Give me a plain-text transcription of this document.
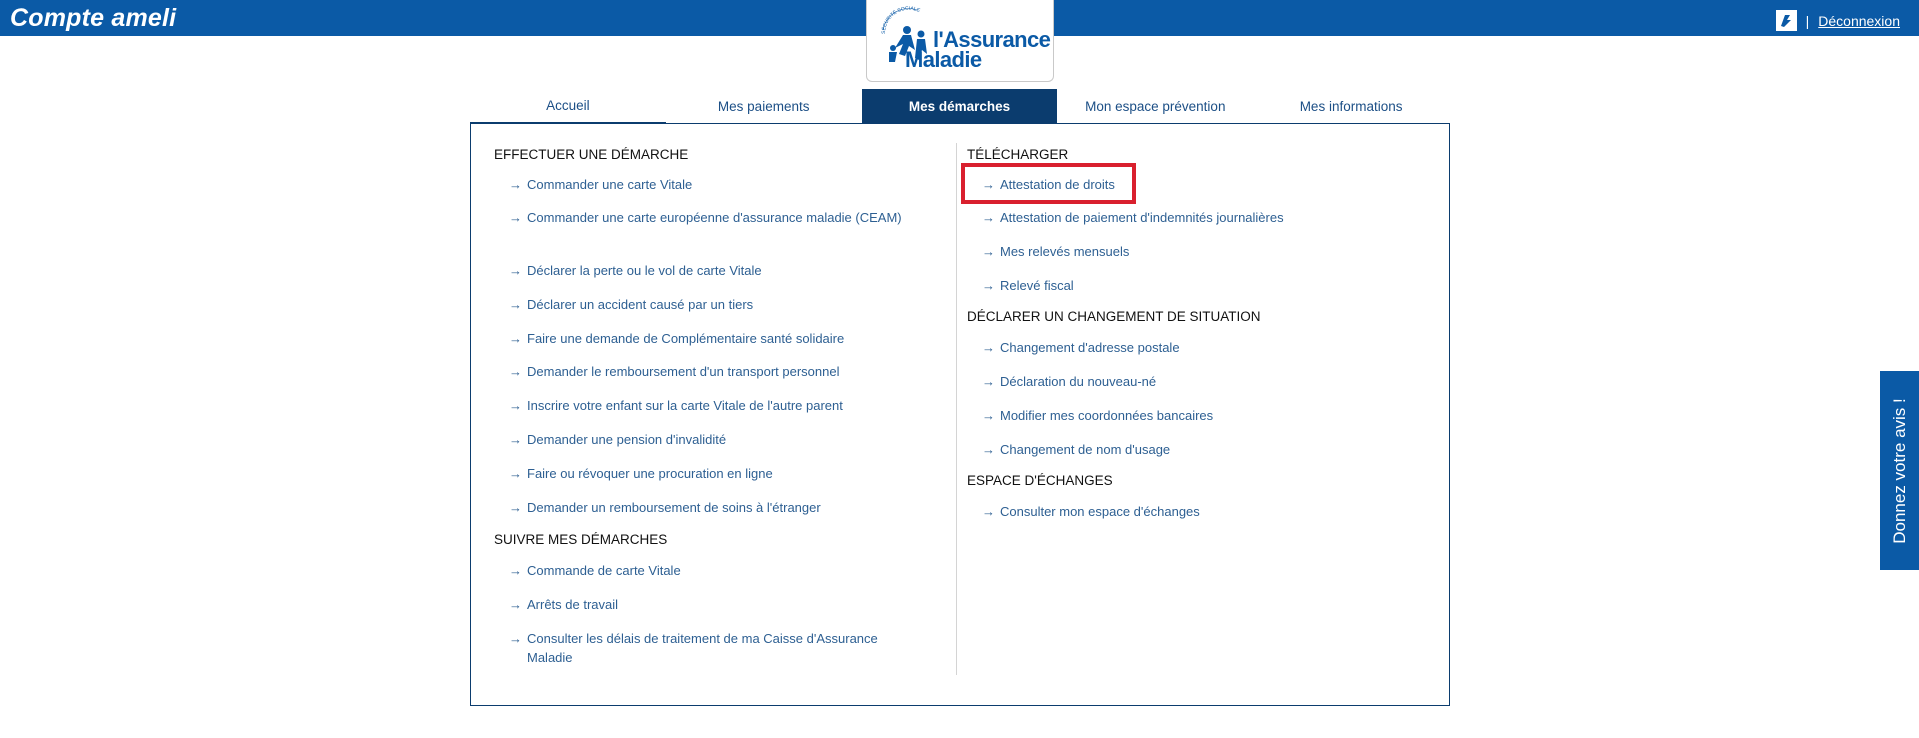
Compte ameli	| Déconnexion
SÉCURITÉ SOCIALE
l'Assurance
Maladie
Accueil	Mes paiements	Mes démarches	Mon espace prévention	Mes informations
EFFECTUER UNE DÉMARCHE
→ Commander une carte Vitale
→ Commander une carte européenne d'assurance maladie (CEAM)
→ Déclarer la perte ou le vol de carte Vitale
→ Déclarer un accident causé par un tiers
→ Faire une demande de Complémentaire santé solidaire
→ Demander le remboursement d'un transport personnel
→ Inscrire votre enfant sur la carte Vitale de l'autre parent
→ Demander une pension d'invalidité
→ Faire ou révoquer une procuration en ligne
→ Demander un remboursement de soins à l'étranger
SUIVRE MES DÉMARCHES
→ Commande de carte Vitale
→ Arrêts de travail
→ Consulter les délais de traitement de ma Caisse d'Assurance Maladie
TÉLÉCHARGER
→ Attestation de droits
→ Attestation de paiement d'indemnités journalières
→ Mes relevés mensuels
→ Relevé fiscal
DÉCLARER UN CHANGEMENT DE SITUATION
→ Changement d'adresse postale
→ Déclaration du nouveau-né
→ Modifier mes coordonnées bancaires
→ Changement de nom d'usage
ESPACE D'ÉCHANGES
→ Consulter mon espace d'échanges	Donnez votre avis !
